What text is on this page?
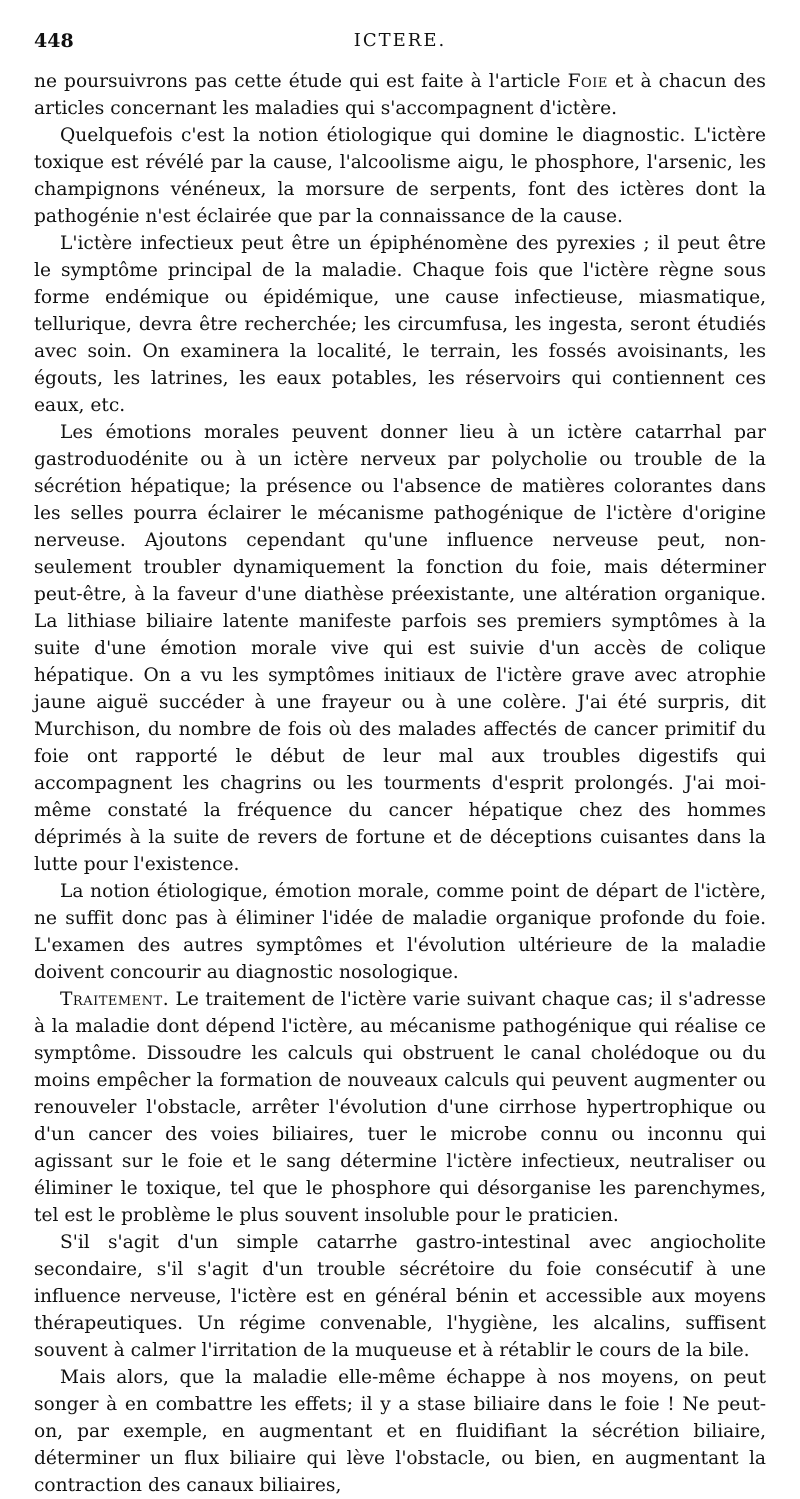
448	ICTERE.

ne poursuivrons pas cette étude qui est faite à l'article Foie et à chacun des articles concernant les maladies qui s'accompagnent d'ictère.

Quelquefois c'est la notion étiologique qui domine le diagnostic. L'ictère toxique est révélé par la cause, l'alcoolisme aigu, le phosphore, l'arsenic, les champignons vénéneux, la morsure de serpents, font des ictères dont la pathogénie n'est éclairée que par la connaissance de la cause.

L'ictère infectieux peut être un épiphénomène des pyrexies ; il peut être le symptôme principal de la maladie. Chaque fois que l'ictère règne sous forme endémique ou épidémique, une cause infectieuse, miasmatique, tellurique, devra être recherchée; les circumfusa, les ingesta, seront étudiés avec soin. On examinera la localité, le terrain, les fossés avoisinants, les égouts, les latrines, les eaux potables, les réservoirs qui contiennent ces eaux, etc.

Les émotions morales peuvent donner lieu à un ictère catarrhal par gastroduodénite ou à un ictère nerveux par polycholie ou trouble de la sécrétion hépatique; la présence ou l'absence de matières colorantes dans les selles pourra éclairer le mécanisme pathogénique de l'ictère d'origine nerveuse. Ajoutons cependant qu'une influence nerveuse peut, non-seulement troubler dynamiquement la fonction du foie, mais déterminer peut-être, à la faveur d'une diathèse préexistante, une altération organique. La lithiase biliaire latente manifeste parfois ses premiers symptômes à la suite d'une émotion morale vive qui est suivie d'un accès de colique hépatique. On a vu les symptômes initiaux de l'ictère grave avec atrophie jaune aiguë succéder à une frayeur ou à une colère. J'ai été surpris, dit Murchison, du nombre de fois où des malades affectés de cancer primitif du foie ont rapporté le début de leur mal aux troubles digestifs qui accompagnent les chagrins ou les tourments d'esprit prolongés. J'ai moi-même constaté la fréquence du cancer hépatique chez des hommes déprimés à la suite de revers de fortune et de déceptions cuisantes dans la lutte pour l'existence.

La notion étiologique, émotion morale, comme point de départ de l'ictère, ne suffit donc pas à éliminer l'idée de maladie organique profonde du foie. L'examen des autres symptômes et l'évolution ultérieure de la maladie doivent concourir au diagnostic nosologique.

Traitement. Le traitement de l'ictère varie suivant chaque cas; il s'adresse à la maladie dont dépend l'ictère, au mécanisme pathogénique qui réalise ce symptôme. Dissoudre les calculs qui obstruent le canal cholédoque ou du moins empêcher la formation de nouveaux calculs qui peuvent augmenter ou renouveler l'obstacle, arrêter l'évolution d'une cirrhose hypertrophique ou d'un cancer des voies biliaires, tuer le microbe connu ou inconnu qui agissant sur le foie et le sang détermine l'ictère infectieux, neutraliser ou éliminer le toxique, tel que le phosphore qui désorganise les parenchymes, tel est le problème le plus souvent insoluble pour le praticien.

S'il s'agit d'un simple catarrhe gastro-intestinal avec angiocholite secondaire, s'il s'agit d'un trouble sécrétoire du foie consécutif à une influence nerveuse, l'ictère est en général bénin et accessible aux moyens thérapeutiques. Un régime convenable, l'hygiène, les alcalins, suffisent souvent à calmer l'irritation de la muqueuse et à rétablir le cours de la bile.

Mais alors, que la maladie elle-même échappe à nos moyens, on peut songer à en combattre les effets; il y a stase biliaire dans le foie ! Ne peut-on, par exemple, en augmentant et en fluidifiant la sécrétion biliaire, déterminer un flux biliaire qui lève l'obstacle, ou bien, en augmentant la contraction des canaux biliaires,
